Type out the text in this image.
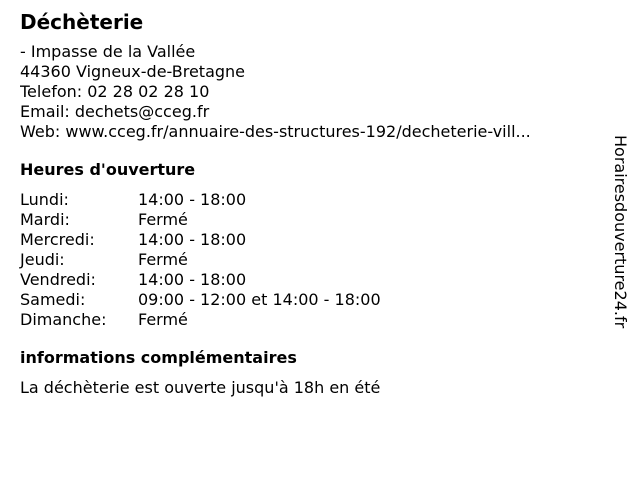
Déchèterie
- Impasse de la Vallée
44360 Vigneux-de-Bretagne
Telefon: 02 28 02 28 10
Email: dechets@cceg.fr
Web: www.cceg.fr/annuaire-des-structures-192/decheterie-vill...
Heures d'ouverture
Lundi:	14:00 - 18:00
Mardi:	Fermé
Mercredi:	14:00 - 18:00
Jeudi:	Fermé
Vendredi:	14:00 - 18:00
Samedi:	09:00 - 12:00 et 14:00 - 18:00
Dimanche:	Fermé
informations complémentaires
La déchèterie est ouverte jusqu'à 18h en été
Horairesdouverture24.fr
